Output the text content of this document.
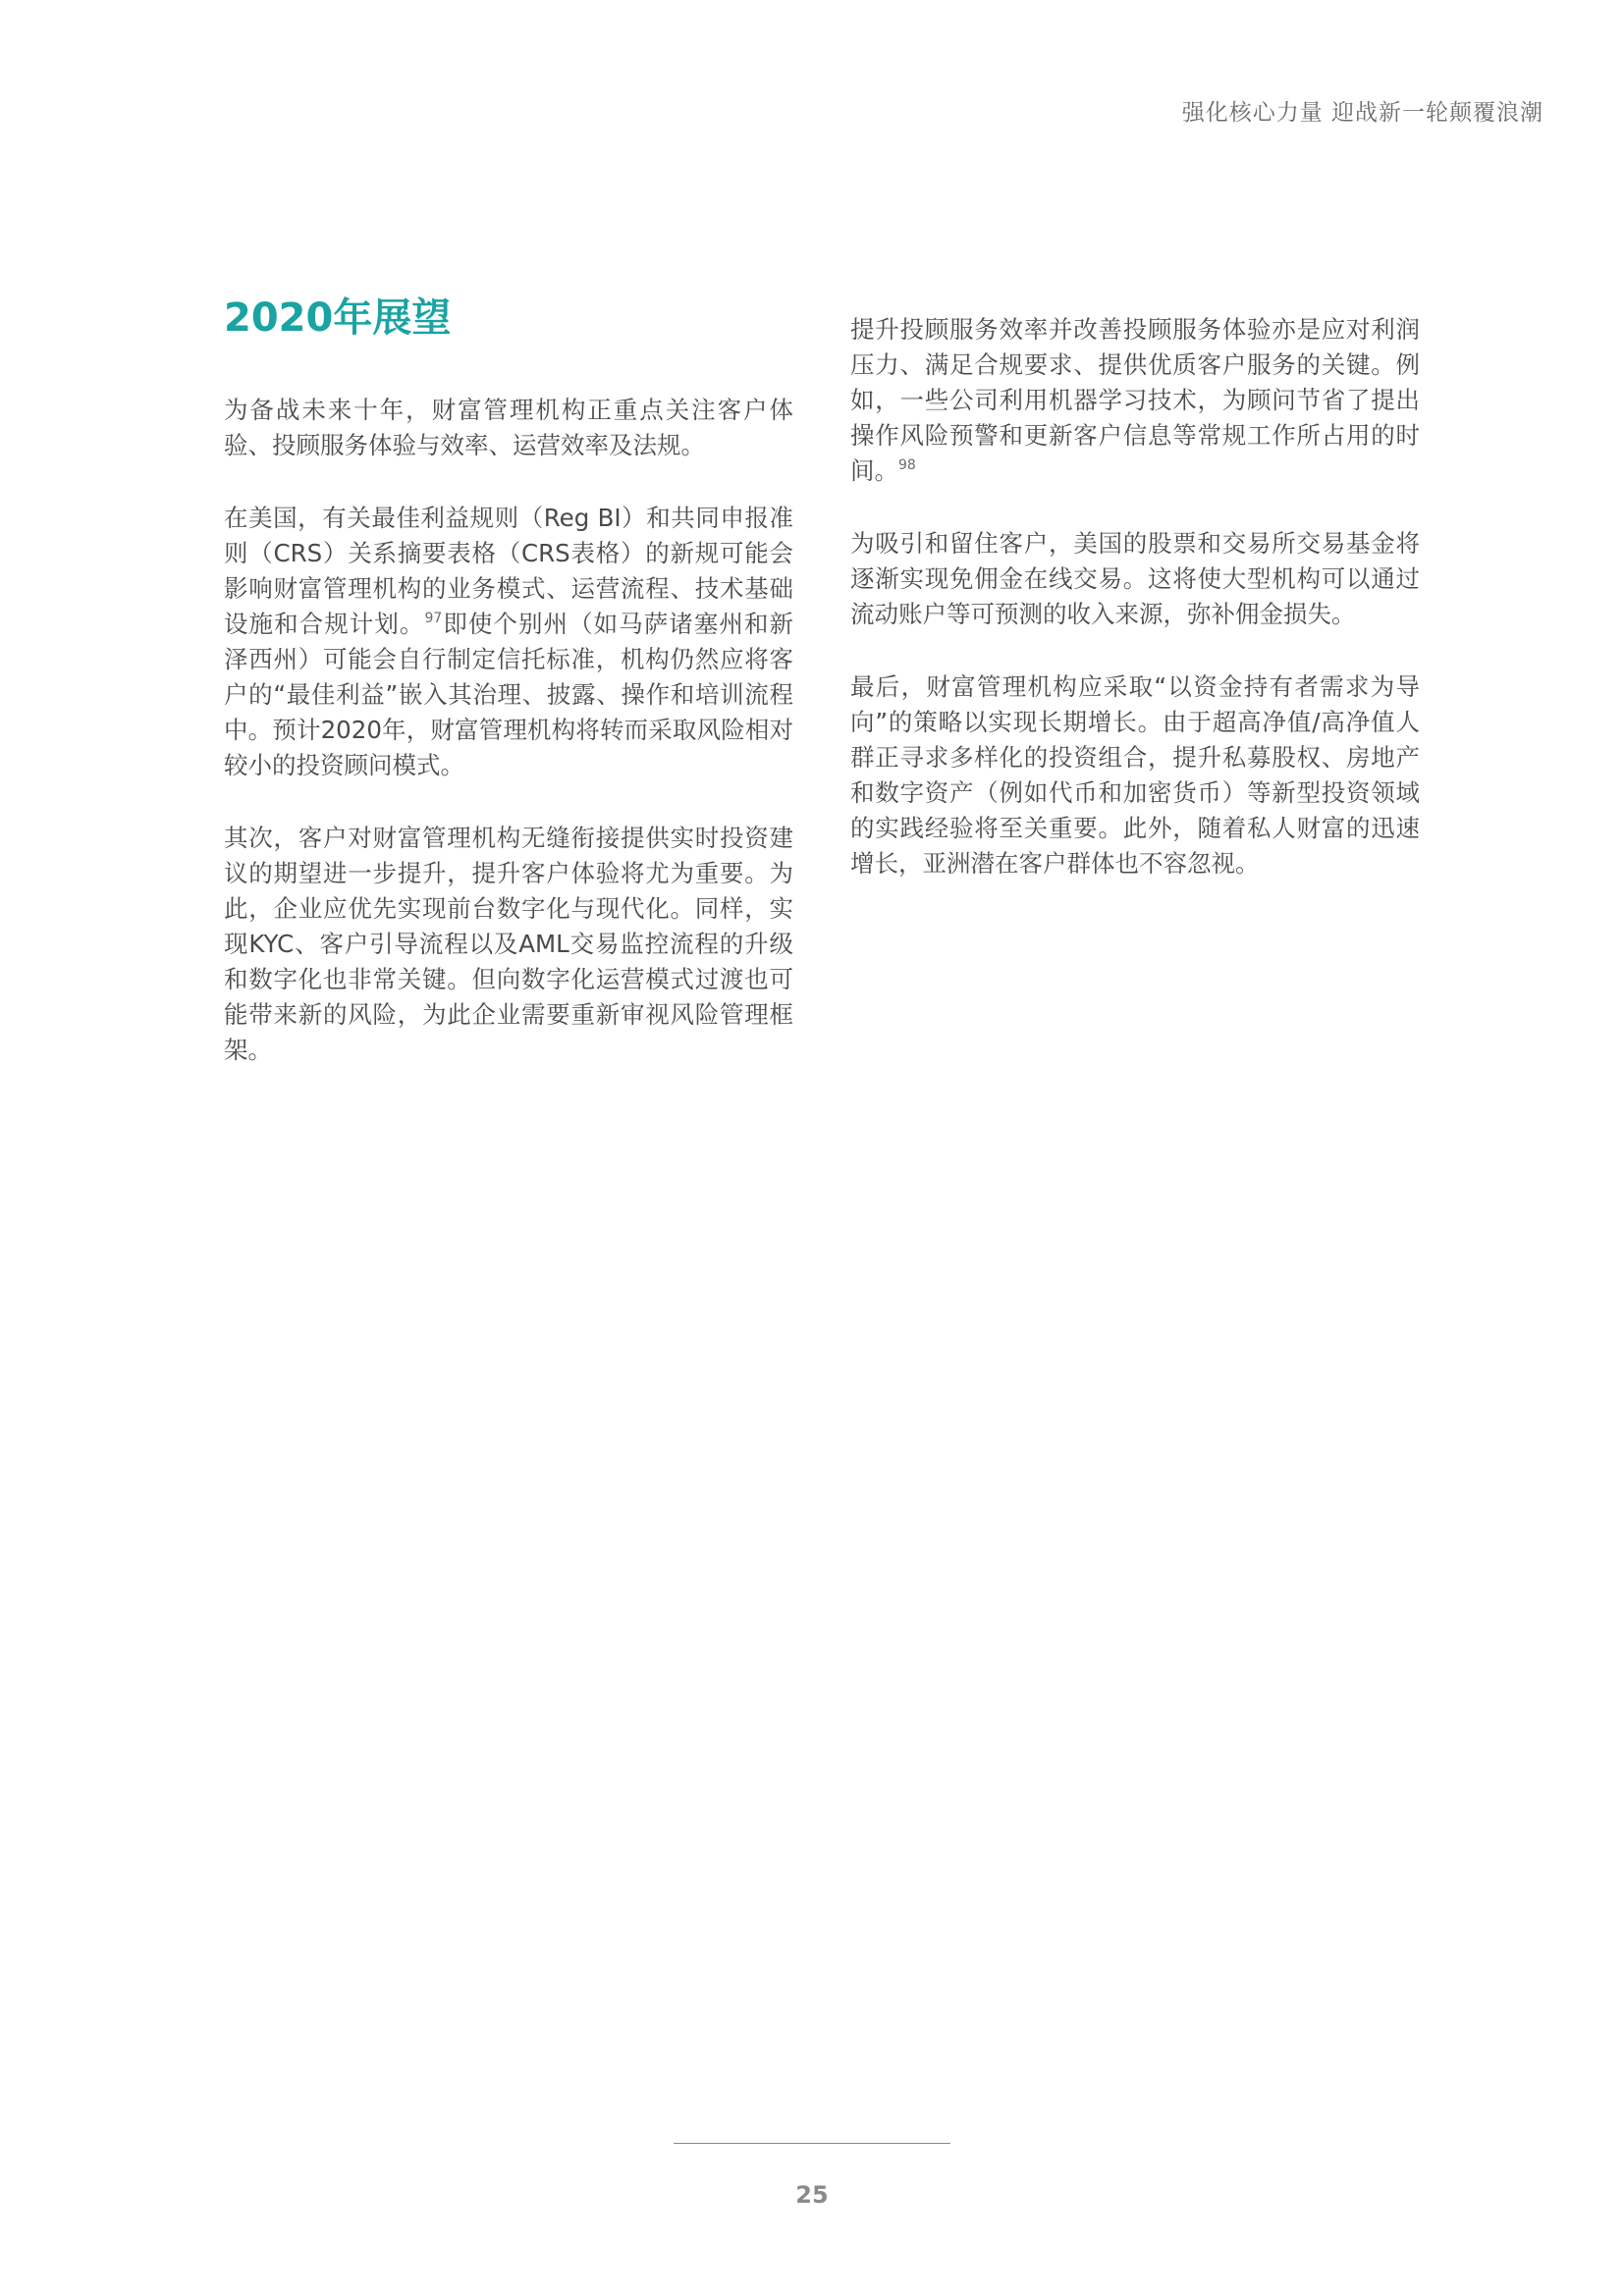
强化核心力量 迎战新一轮颠覆浪潮
2020年展望

为备战未来十年，财富管理机构正重点关注客户体验、投顾服务体验与效率、运营效率及法规。

在美国，有关最佳利益规则（Reg BI）和共同申报准则（CRS）关系摘要表格（CRS表格）的新规可能会影响财富管理机构的业务模式、运营流程、技术基础设施和合规计划。$^{97}$即使个别州（如马萨诸塞州和新泽西州）可能会自行制定信托标准，机构仍然应将客户的“最佳利益”嵌入其治理、披露、操作和培训流程中。预计2020年，财富管理机构将转而采取风险相对较小的投资顾问模式。

其次，客户对财富管理机构无缝衔接提供实时投资建议的期望进一步提升，提升客户体验将尤为重要。为此，企业应优先实现前台数字化与现代化。同样，实现KYC、客户引导流程以及AML交易监控流程的升级和数字化也非常关键。但向数字化运营模式过渡也可能带来新的风险，为此企业需要重新审视风险管理框架。

提升投顾服务效率并改善投顾服务体验亦是应对利润压力、满足合规要求、提供优质客户服务的关键。例如，一些公司利用机器学习技术，为顾问节省了提出操作风险预警和更新客户信息等常规工作所占用的时间。$^{98}$

为吸引和留住客户，美国的股票和交易所交易基金将逐渐实现免佣金在线交易。这将使大型机构可以通过流动账户等可预测的收入来源，弥补佣金损失。

最后，财富管理机构应采取“以资金持有者需求为导向”的策略以实现长期增长。由于超高净值/高净值人群正寻求多样化的投资组合，提升私募股权、房地产和数字资产（例如代币和加密货币）等新型投资领域的实践经验将至关重要。此外，随着私人财富的迅速增长，亚洲潜在客户群体也不容忽视。

25
